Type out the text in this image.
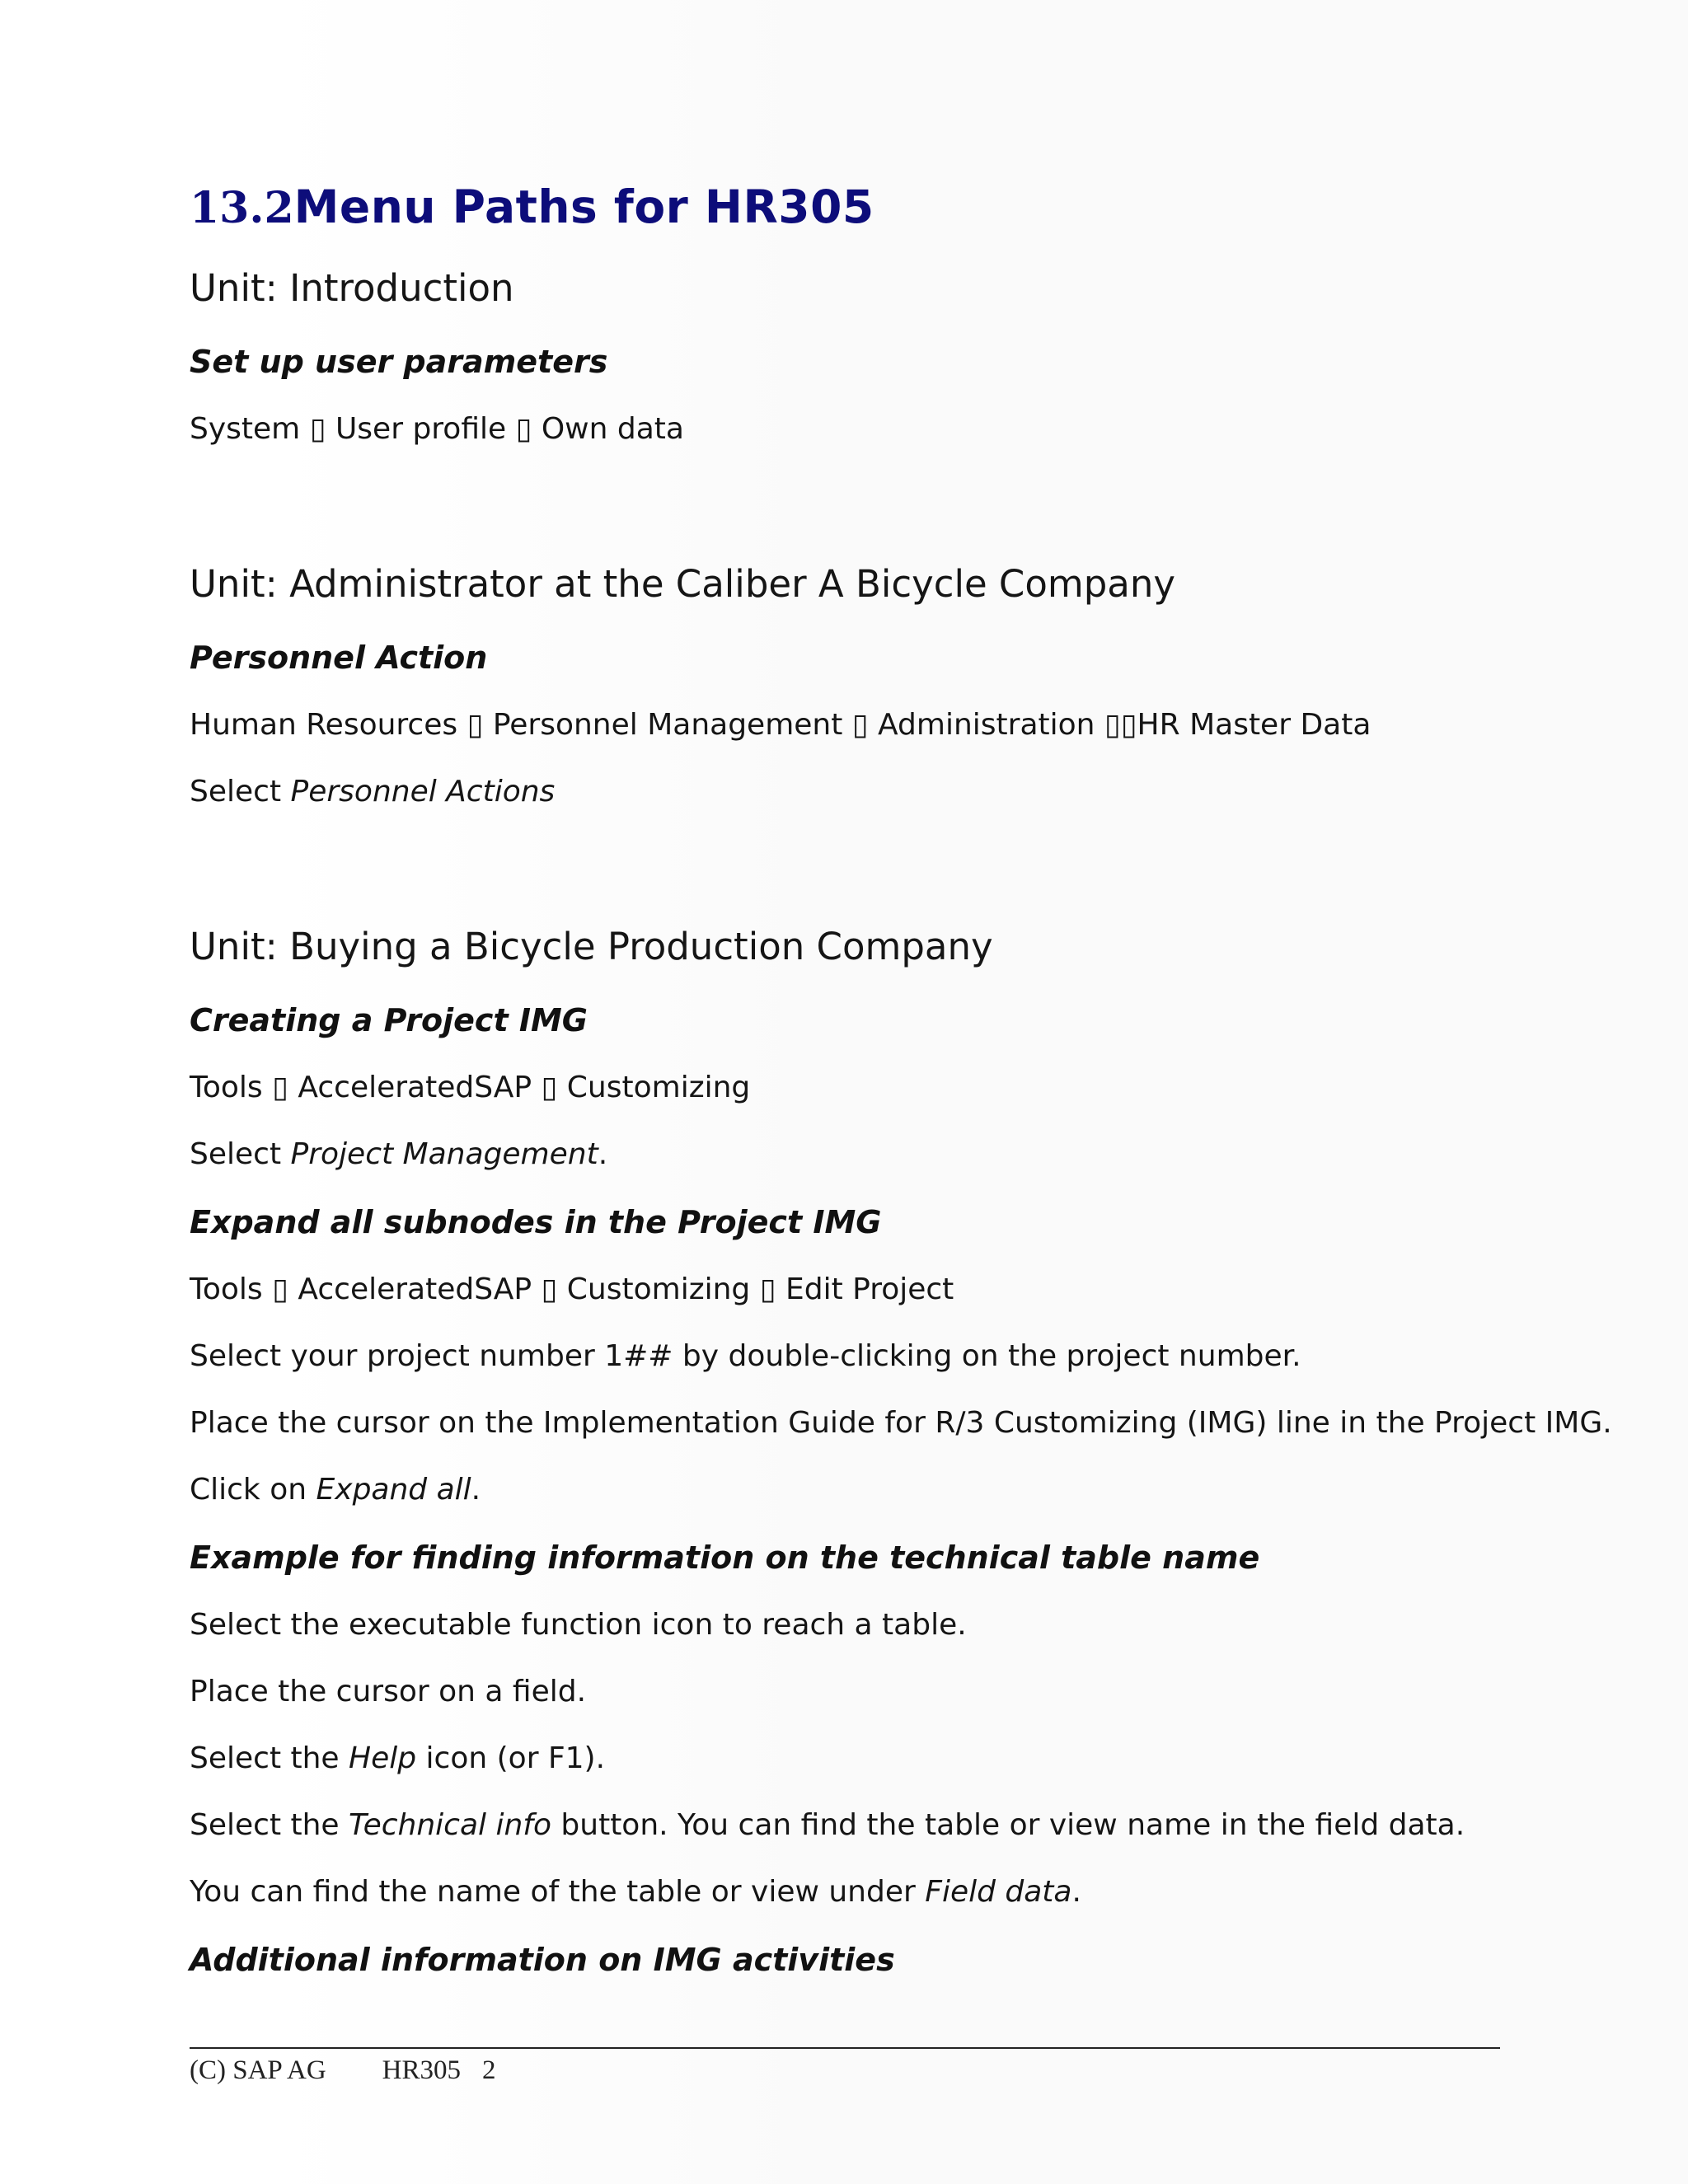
13.2Menu Paths for HR305
Unit: Introduction
Set up user parameters

System ▯ User profile ▯ Own data

Unit: Administrator at the Caliber A Bicycle Company
Personnel Action

Human Resources ▯ Personnel Management ▯ Administration ▯▯HR Master Data

Select Personnel Actions

Unit: Buying a Bicycle Production Company
Creating a Project IMG

Tools ▯ AcceleratedSAP ▯ Customizing

Select Project Management.

Expand all subnodes in the Project IMG

Tools ▯ AcceleratedSAP ▯ Customizing ▯ Edit Project

Select your project number 1## by double-clicking on the project number.

Place the cursor on the Implementation Guide for R/3 Customizing (IMG) line in the Project IMG.

Click on Expand all.

Example for finding information on the technical table name

Select the executable function icon to reach a table.

Place the cursor on a field.

Select the Help icon (or F1).

Select the Technical info button. You can find the table or view name in the field data.

You can find the name of the table or view under Field data.

Additional information on IMG activities
(C) SAP AG HR305 2
